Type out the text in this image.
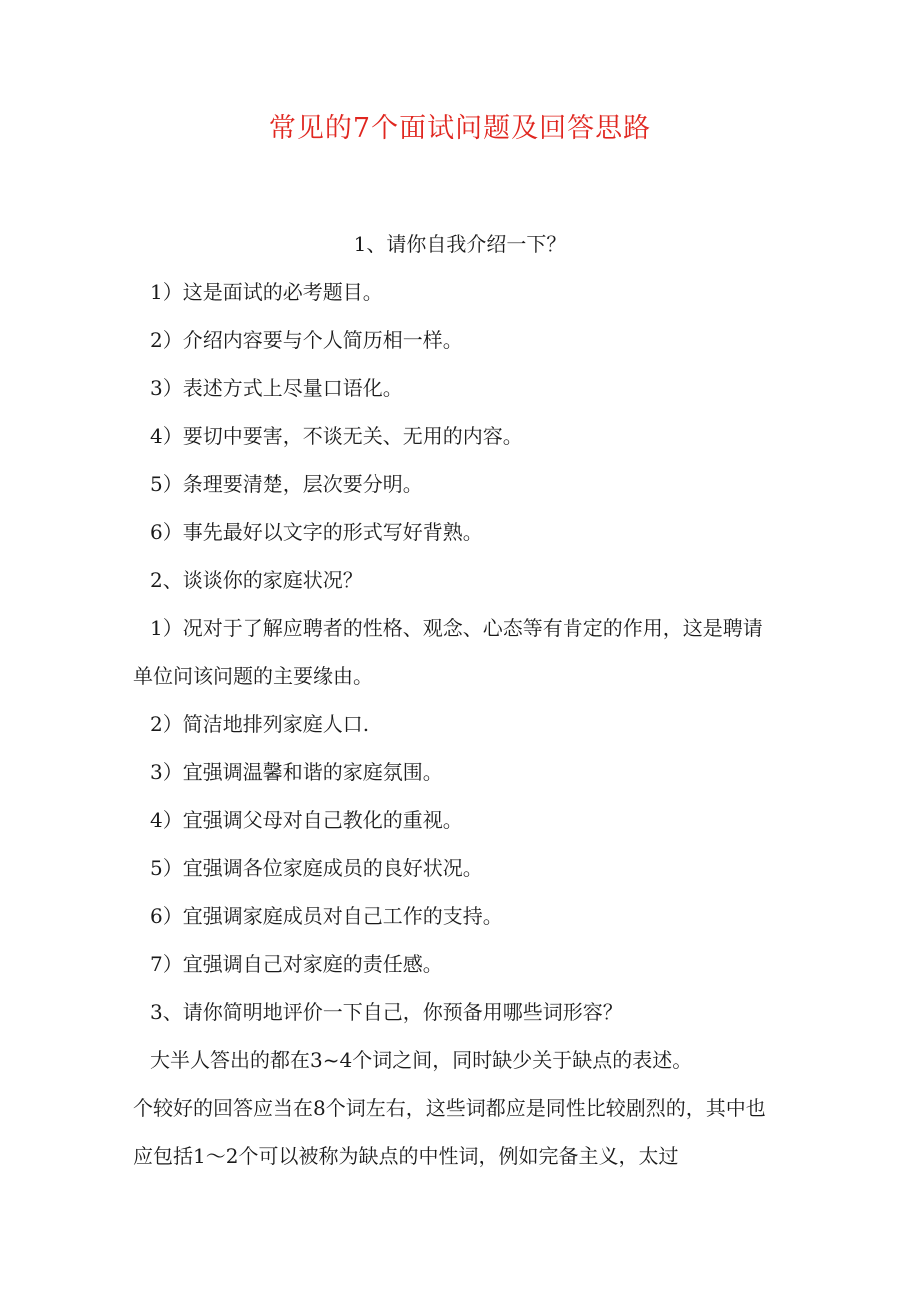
常见的7个面试问题及回答思路

1、请你自我介绍一下？

1）这是面试的必考题目。

2）介绍内容要与个人简历相一样。

3）表述方式上尽量口语化。

4）要切中要害，不谈无关、无用的内容。

5）条理要清楚，层次要分明。

6）事先最好以文字的形式写好背熟。

2、谈谈你的家庭状况？

1）况对于了解应聘者的性格、观念、心态等有肯定的作用，这是聘请

单位问该问题的主要缘由。

2）简洁地排列家庭人口.

3）宜强调温馨和谐的家庭氛围。

4）宜强调父母对自己教化的重视。

5）宜强调各位家庭成员的良好状况。

6）宜强调家庭成员对自己工作的支持。

7）宜强调自己对家庭的责任感。

3、请你简明地评价一下自己，你预备用哪些词形容？

大半人答出的都在3~4个词之间，同时缺少关于缺点的表述。

个较好的回答应当在8个词左右，这些词都应是同性比较剧烈的，其中也

应包括1～2个可以被称为缺点的中性词，例如完备主义，太过
